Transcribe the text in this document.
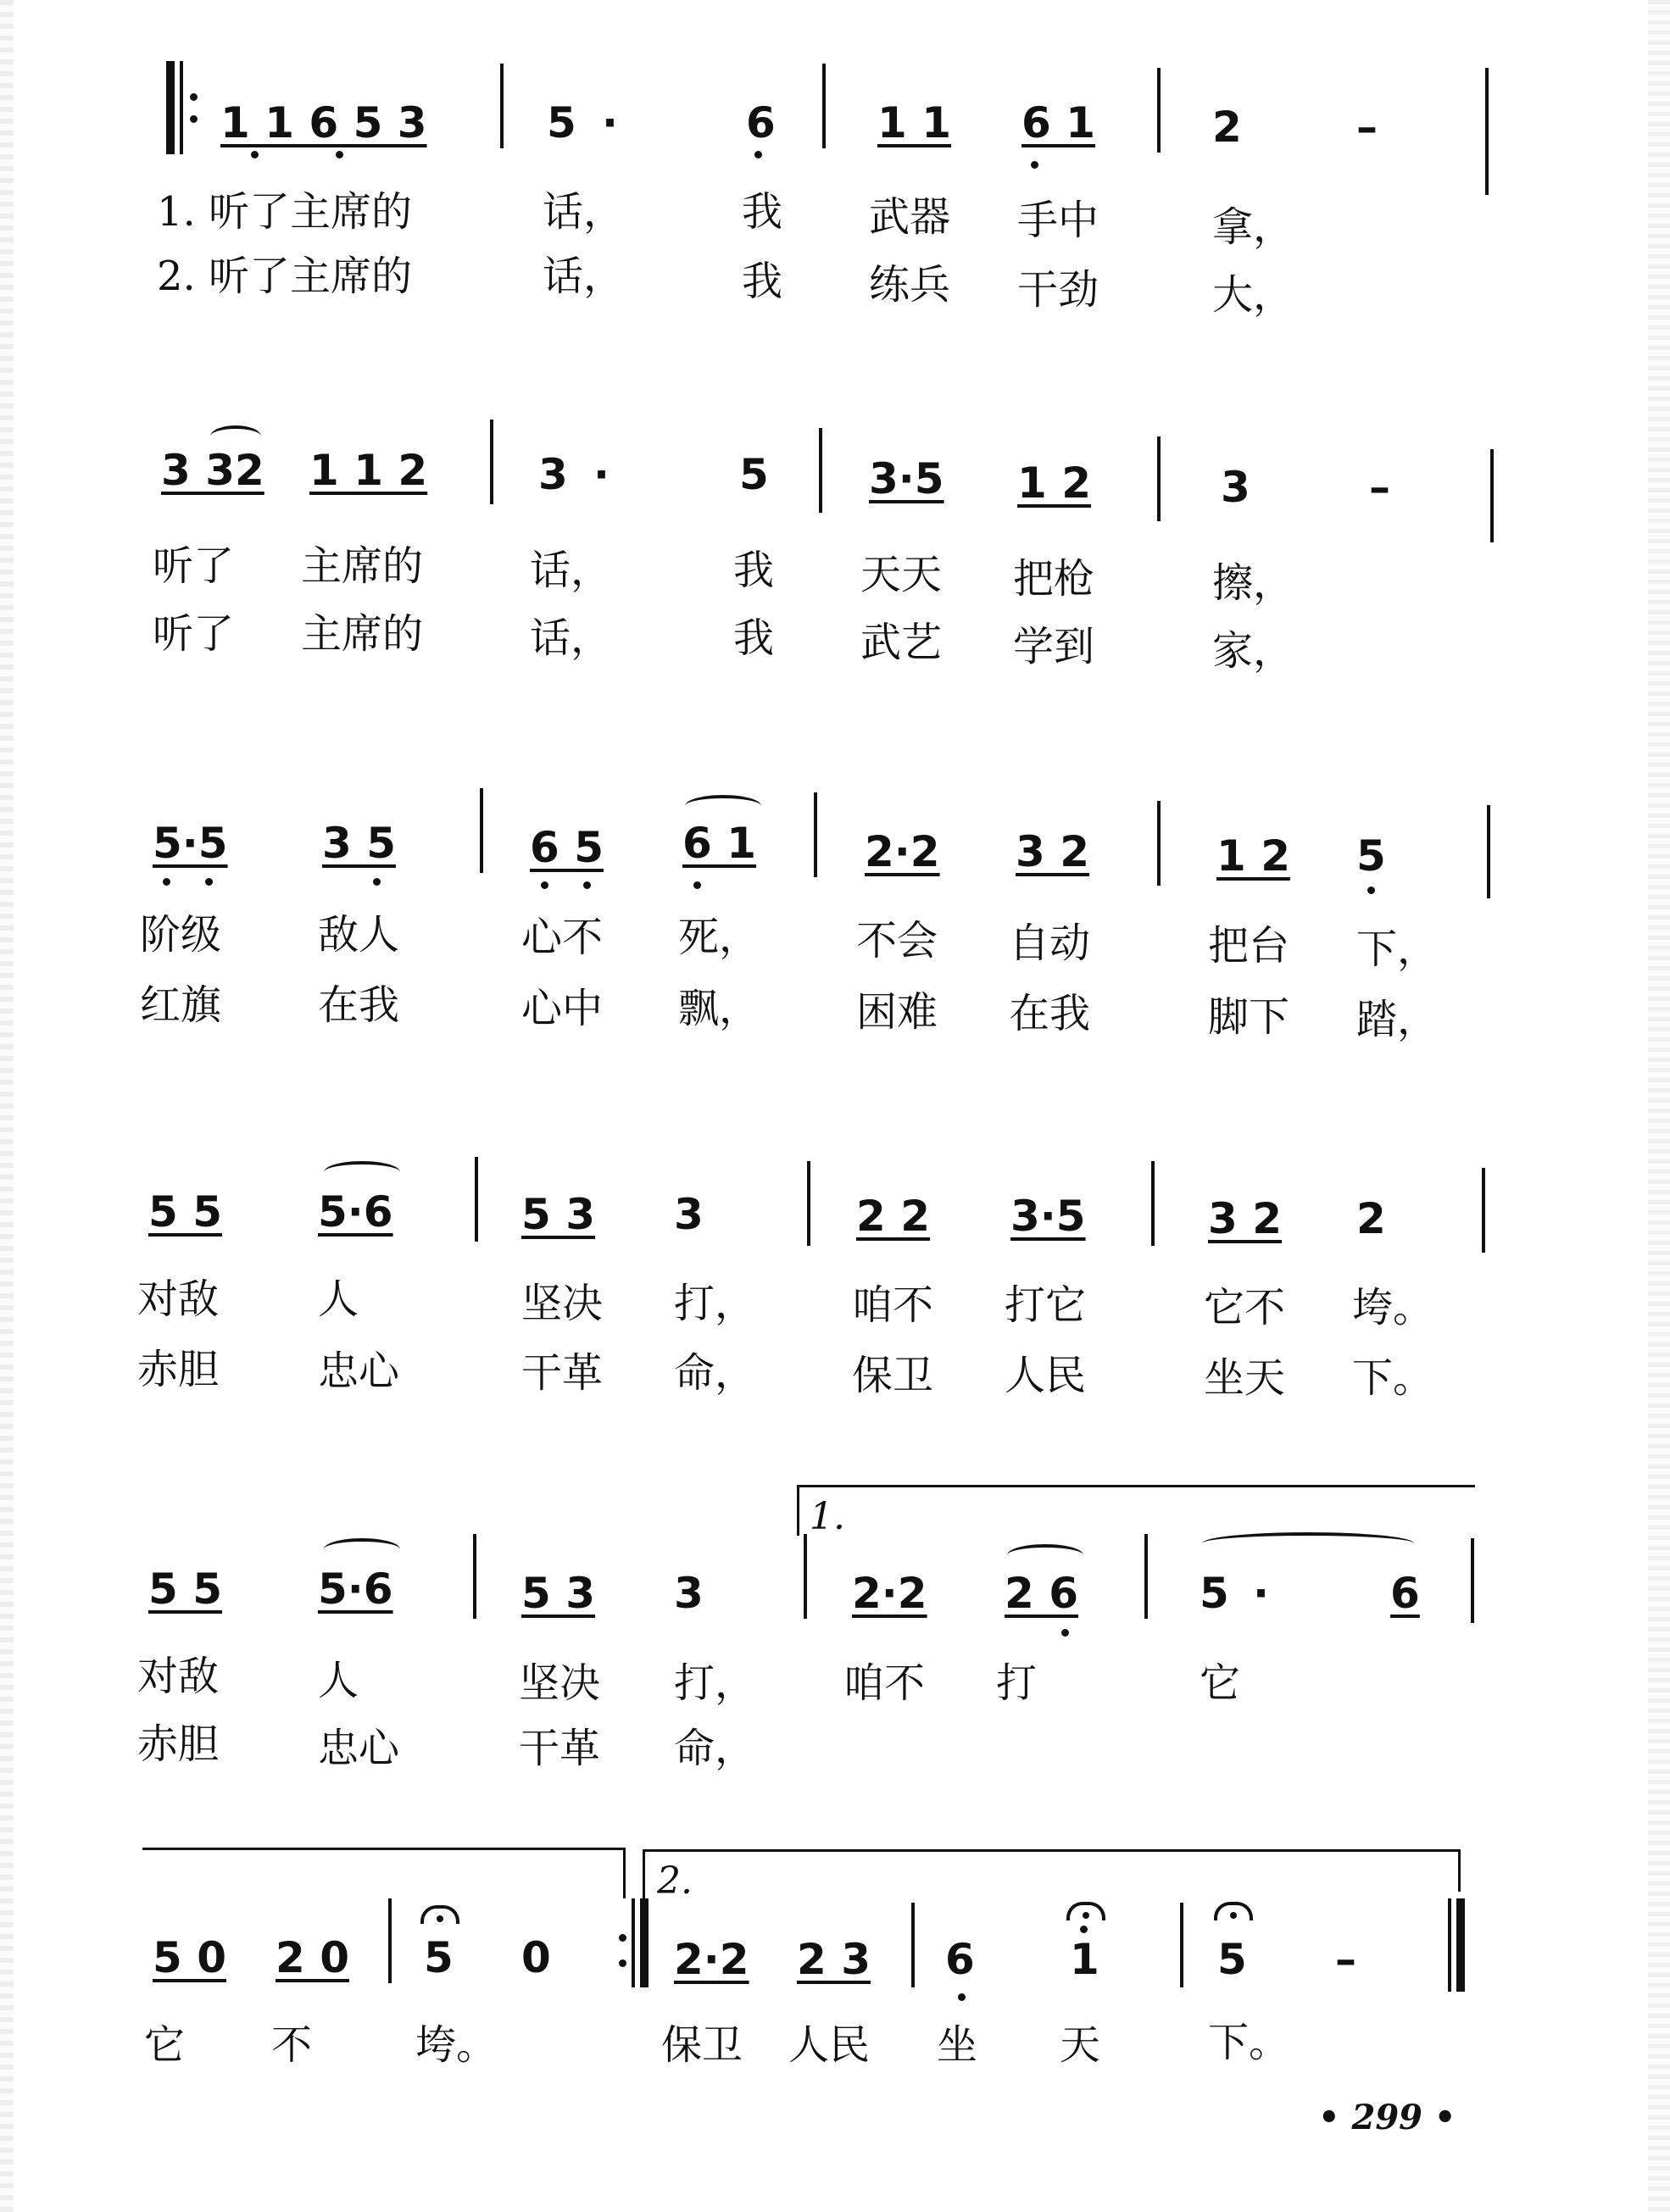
1 1 6 5 3	5 ·	6 1 1 6 1	2	–
1. 听了主席的	话，	我 武器 手中	拿，
2. 听了主席的	话，	我 练兵 干劲	大，
3 32 1 1 2	3 ·	5 3·5 1 2	3	–
听了 主席的	话，	我 天天 把枪	擦，
听了 主席的	话，	我 武艺 学到	家，
5·5 3 5	6 5 6 1	2·2 3 2	1 2 5
阶级 敌人	心不 死， 不会 自动	把台 下，
红旗 在我	心中 飘， 困难 在我	脚下 踏，
5 5 5·6	5 3 3	2 2 3·5	3 2 2
对敌 人	坚决 打， 咱不 打它	它不 垮。
赤胆 忠心	干革 命， 保卫 人民	坐天 下。
1.
5 5 5·6	5 3 3	2·2 2 6	5 ·	6
对敌 人	坚决 打， 咱不 打	它
赤胆 忠心	干革 命，
2.
5 0 2 0 5 0	2·2 2 3 6 1	5 –
它 不	垮。	保卫 人民 坐 天	下。
• 299 •
